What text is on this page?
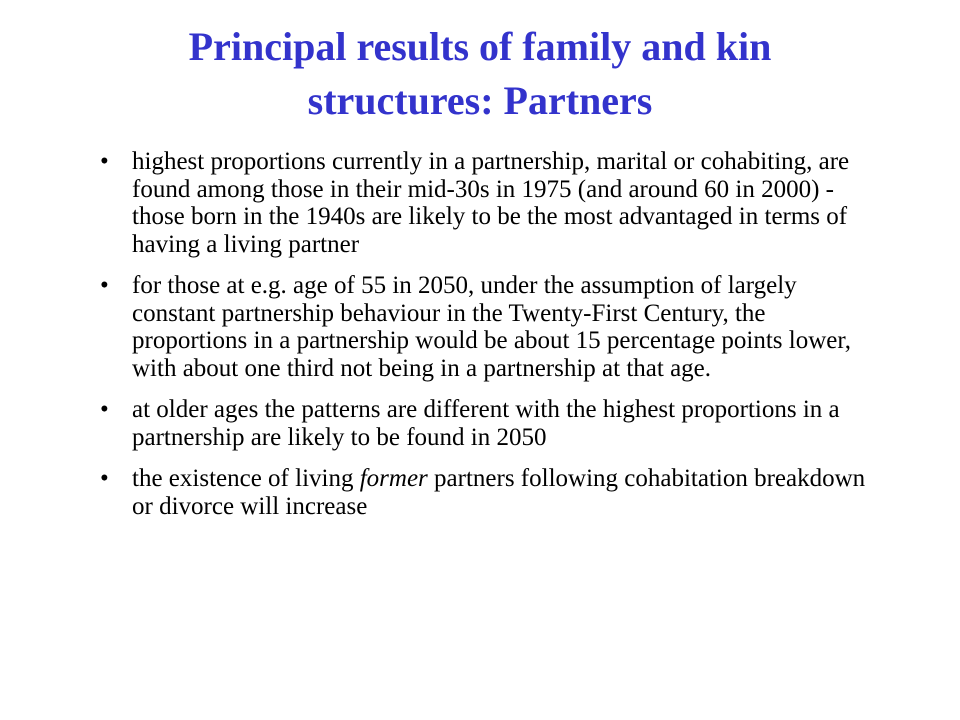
Principal results of family and kin
structures: Partners
• highest proportions currently in a partnership, marital or cohabiting, are found among those in their mid-30s in 1975 (and around 60 in 2000) - those born in the 1940s are likely to be the most advantaged in terms of having a living partner
• for those at e.g. age of 55 in 2050, under the assumption of largely constant partnership behaviour in the Twenty-First Century, the proportions in a partnership would be about 15 percentage points lower, with about one third not being in a partnership at that age.
• at older ages the patterns are different with the highest proportions in a partnership are likely to be found in 2050
• the existence of living former partners following cohabitation breakdown or divorce will increase
